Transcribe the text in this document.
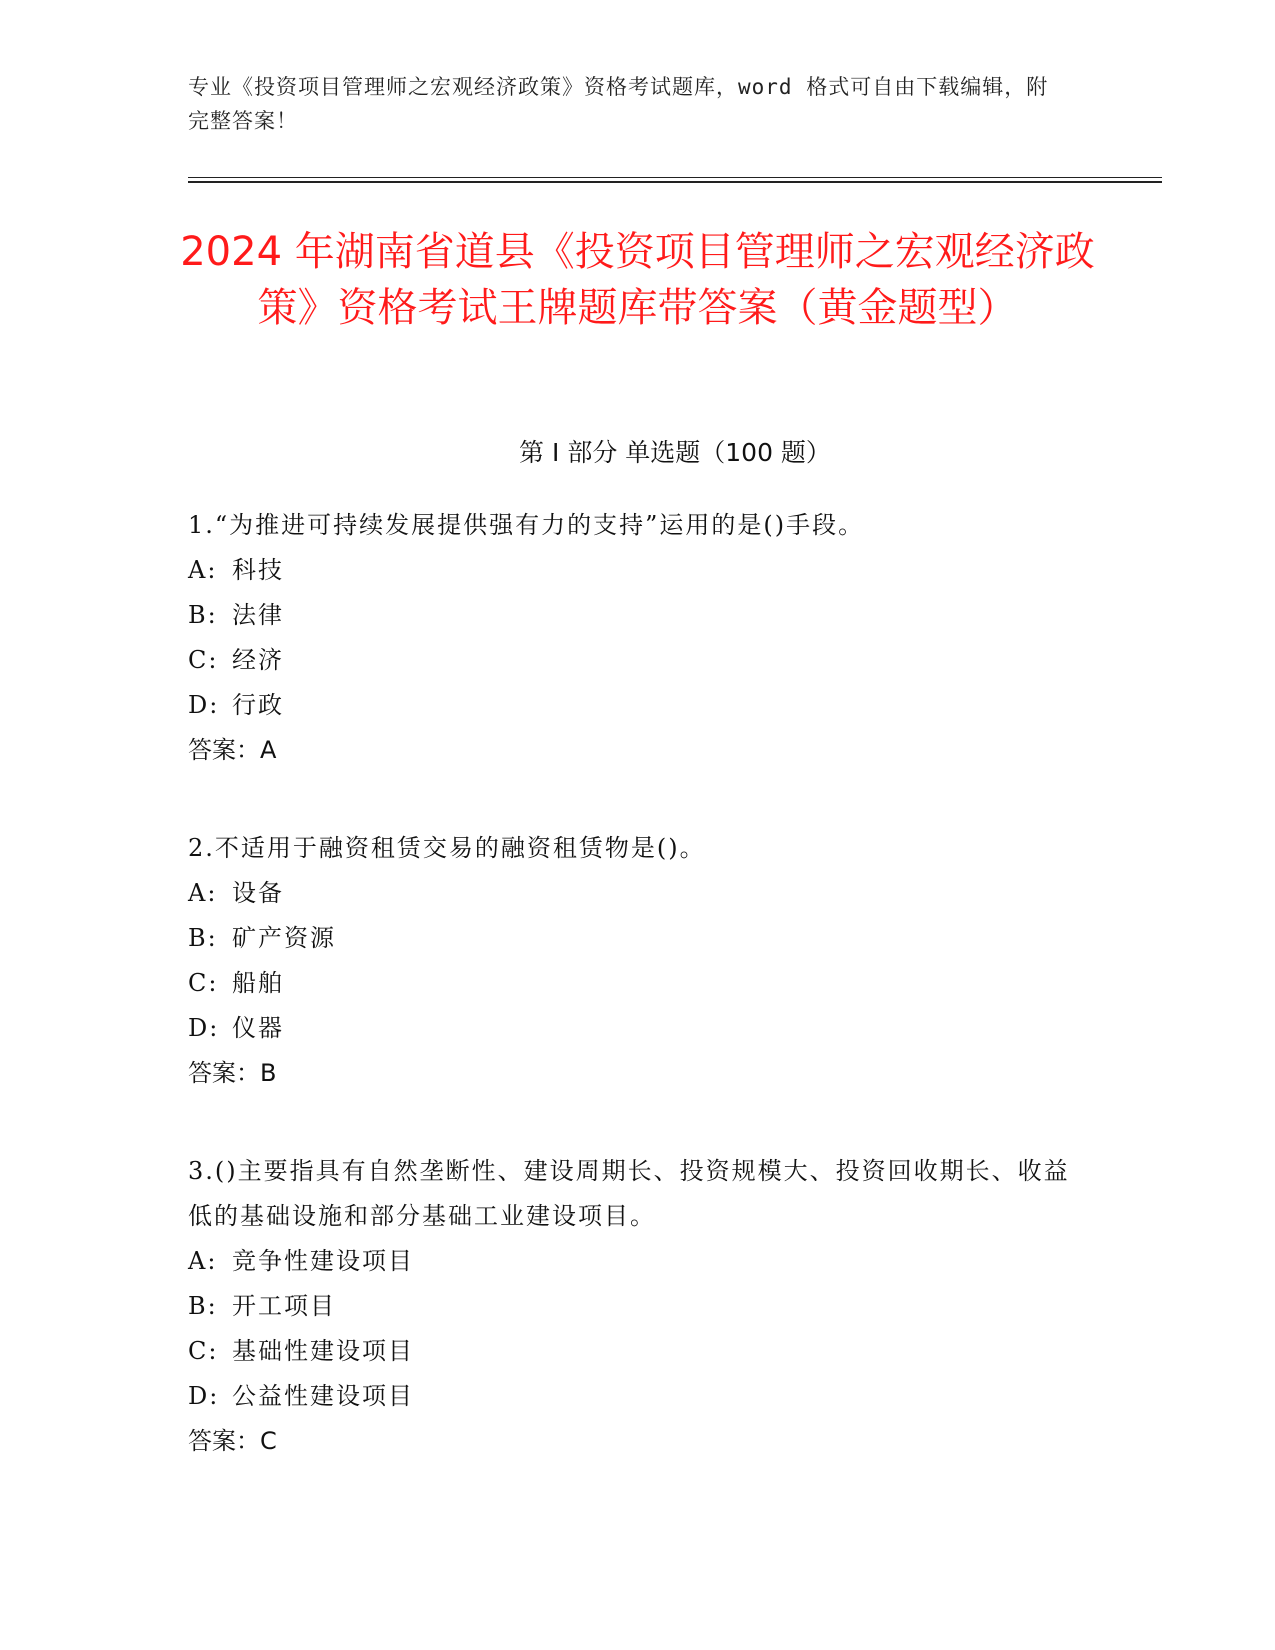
专业《投资项目管理师之宏观经济政策》资格考试题库，word 格式可自由下载编辑，附完整答案！
2024 年湖南省道县《投资项目管理师之宏观经济政策》资格考试王牌题库带答案（黄金题型）
第 I 部分 单选题（100 题）
1.“为推进可持续发展提供强有力的支持”运用的是()手段。
A: 科技
B: 法律
C: 经济
D: 行政
答案：A
2.不适用于融资租赁交易的融资租赁物是()。
A: 设备
B: 矿产资源
C: 船舶
D: 仪器
答案：B
3.()主要指具有自然垄断性、建设周期长、投资规模大、投资回收期长、收益低的基础设施和部分基础工业建设项目。
A: 竞争性建设项目
B: 开工项目
C: 基础性建设项目
D: 公益性建设项目
答案：C
